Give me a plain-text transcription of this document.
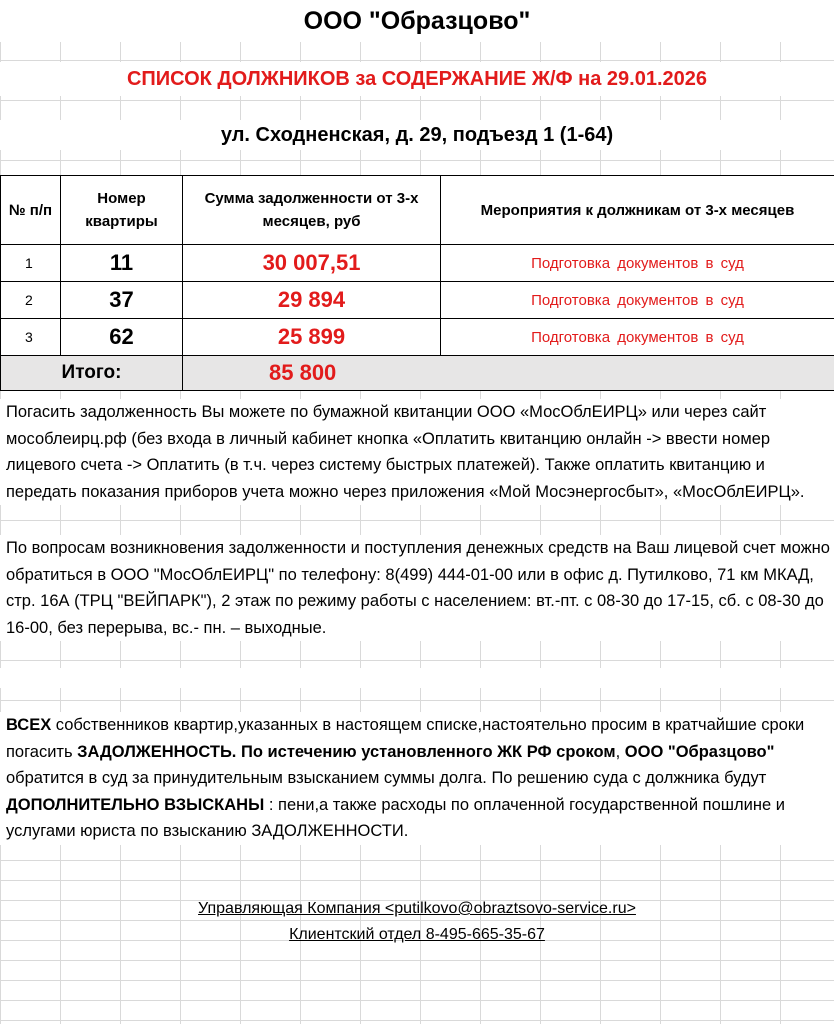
ООО "Образцово"
СПИСОК ДОЛЖНИКОВ за СОДЕРЖАНИЕ Ж/Ф на 29.01.2026
ул. Сходненская, д. 29, подъезд 1 (1-64)
№ п/п	Номер квартиры	Сумма задолженности от 3-х месяцев, руб	Мероприятия к должникам от 3-х месяцев
1	11	30 007,51	Подготовка документов в суд
2	37	29 894	Подготовка документов в суд
3	62	25 899	Подготовка документов в суд
Итого:		85 800	
Погасить задолженность Вы можете по бумажной квитанции ООО «МосОблЕИРЦ» или через сайт мособлеирц.рф (без входа в личный кабинет кнопка «Оплатить квитанцию онлайн -> ввести номер лицевого счета -> Оплатить (в т.ч. через систему быстрых платежей). Также оплатить квитанцию и передать показания приборов учета можно через приложения «Мой Мосэнергосбыт», «МосОблЕИРЦ».
По вопросам возникновения задолженности и поступления денежных средств на Ваш лицевой счет можно обратиться в ООО "МосОблЕИРЦ" по телефону: 8(499) 444-01-00 или в офис д. Путилково, 71 км МКАД, стр. 16А (ТРЦ "ВЕЙПАРК"), 2 этаж по режиму работы с населением: вт.-пт. с 08-30 до 17-15, сб. с 08-30 до 16-00, без перерыва, вс.- пн. – выходные.
ВСЕХ собственников квартир,указанных в настоящем списке,настоятельно просим в кратчайшие сроки погасить ЗАДОЛЖЕННОСТЬ. По истечению установленного ЖК РФ сроком, ООО "Образцово" обратится в суд за принудительным взысканием суммы долга. По решению суда с должника будут ДОПОЛНИТЕЛЬНО ВЗЫСКАНЫ : пени,а также расходы по оплаченной государственной пошлине и услугами юриста по взысканию ЗАДОЛЖЕННОСТИ.
Управляющая Компания <putilkovo@obraztsovo-service.ru>
Клиентский отдел 8-495-665-35-67
